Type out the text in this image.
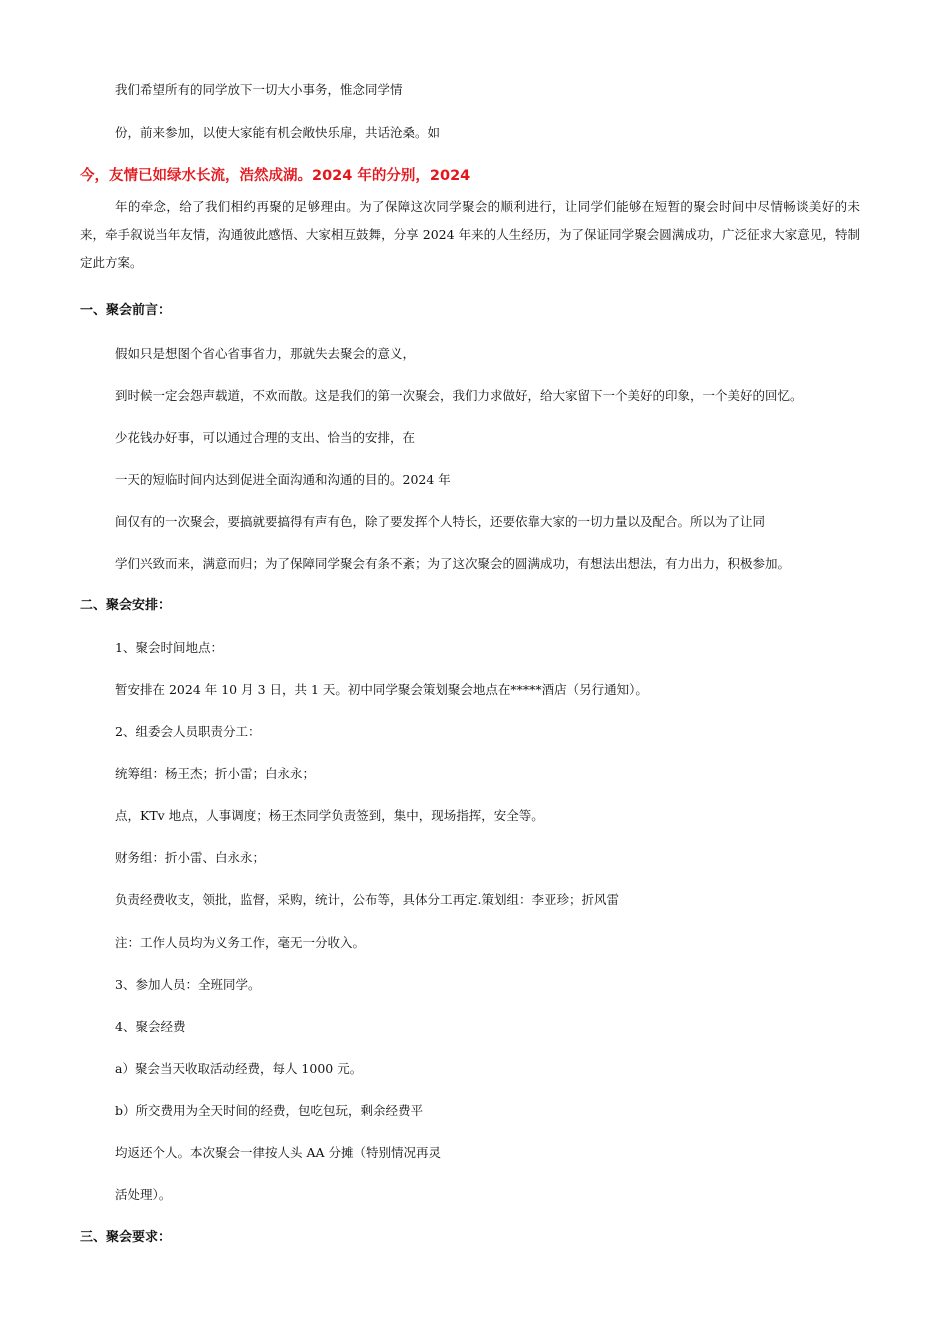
我们希望所有的同学放下一切大小事务，惟念同学情
份，前来参加，以使大家能有机会敞快乐扉，共话沧桑。如
今，友情已如绿水长流，浩然成湖。2024 年的分别，2024
年的牵念，给了我们相约再聚的足够理由。为了保障这次同学聚会的顺利进行，让同学们能够在短暂的聚会时间中尽情畅谈美好的未来，牵手叙说当年友情，沟通彼此感悟、大家相互鼓舞，分享 2024 年来的人生经历，为了保证同学聚会圆满成功，广泛征求大家意见，特制定此方案。
一、聚会前言：
假如只是想图个省心省事省力，那就失去聚会的意义，
到时候一定会怨声载道，不欢而散。这是我们的第一次聚会，我们力求做好，给大家留下一个美好的印象，一个美好的回忆。
少花钱办好事，可以通过合理的支出、恰当的安排，在
一天的短临时间内达到促进全面沟通和沟通的目的。2024 年
间仅有的一次聚会，要搞就要搞得有声有色，除了要发挥个人特长，还要依靠大家的一切力量以及配合。所以为了让同
学们兴致而来，满意而归；为了保障同学聚会有条不紊；为了这次聚会的圆满成功，有想法出想法，有力出力，积极参加。
二、聚会安排：
1、聚会时间地点：
暂安排在 2024 年 10 月 3 日，共 1 天。初中同学聚会策划聚会地点在*****酒店（另行通知）。
2、组委会人员职责分工：
统筹组：杨王杰；折小雷；白永永；
点，KTv 地点，人事调度；杨王杰同学负责签到，集中，现场指挥，安全等。
财务组：折小雷、白永永；
负责经费收支，领批，监督，采购，统计，公布等，具体分工再定.策划组：李亚珍；折风雷
注：工作人员均为义务工作，毫无一分收入。
3、参加人员：全班同学。
4、聚会经费
a）聚会当天收取活动经费，每人 1000 元。
b）所交费用为全天时间的经费，包吃包玩，剩余经费平
均返还个人。本次聚会一律按人头 AA 分摊（特别情况再灵
活处理）。
三、聚会要求：
